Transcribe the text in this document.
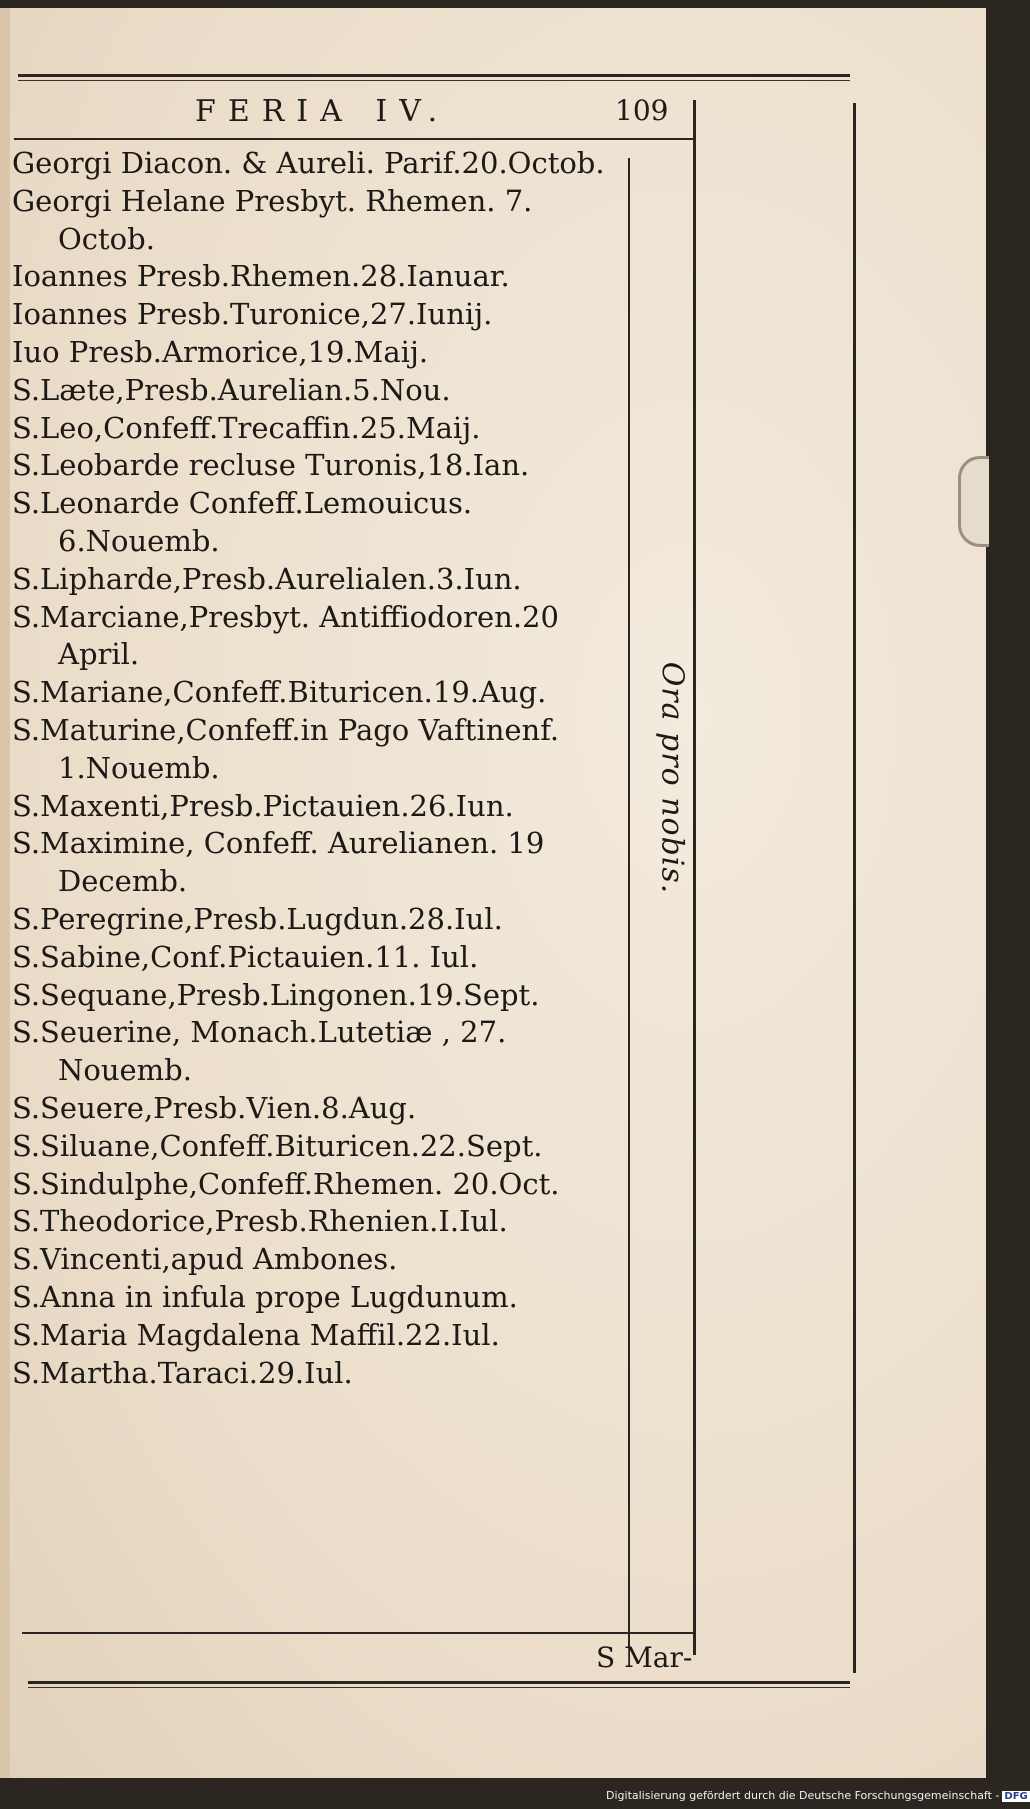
FERIA IV.	109
Georgi Diacon. & Aureli. Parif.20.Octob.
Georgi Helane Presbyt. Rhemen. 7. Octob.
Ioannes Presb.Rhemen.28.Ianuar.
Ioannes Presb.Turonice,27.Iunij.
Iuo Presb.Armorice,19.Maij.
S.Læte,Presb.Aurelian.5.Nou.
S.Leo,Confeff.Trecaffin.25.Maij.
S.Leobarde recluse Turonis,18.Ian.
S.Leonarde Confeff.Lemouicus. 6.Nouemb.
S.Lipharde,Presb.Aurelialen.3.Iun.
S.Marciane,Presbyt. Antiffiodoren.20 April.
S.Mariane,Confeff.Bituricen.19.Aug.
S.Maturine,Confeff.in Pago Vaftinenf. 1.Nouemb.
S.Maxenti,Presb.Pictauien.26.Iun.
S.Maximine, Confeff. Aurelianen. 19 Decemb.
S.Peregrine,Presb.Lugdun.28.Iul.
S.Sabine,Conf.Pictauien.11. Iul.
S.Sequane,Presb.Lingonen.19.Sept.
S.Seuerine, Monach.Lutetiæ , 27. Nouemb.
S.Seuere,Presb.Vien.8.Aug.
S.Siluane,Confeff.Bituricen.22.Sept.
S.Sindulphe,Confeff.Rhemen. 20.Oct.
S.Theodorice,Presb.Rhenien.I.Iul.
S.Vincenti,apud Ambones.
S.Anna in infula prope Lugdunum.
S.Maria Magdalena Maffil.22.Iul.
S.Martha.Taraci.29.Iul.
Ora pro nobis.
S Mar-
Digitalisierung gefördert durch die Deutsche Forschungsgemeinschaft - DFG
